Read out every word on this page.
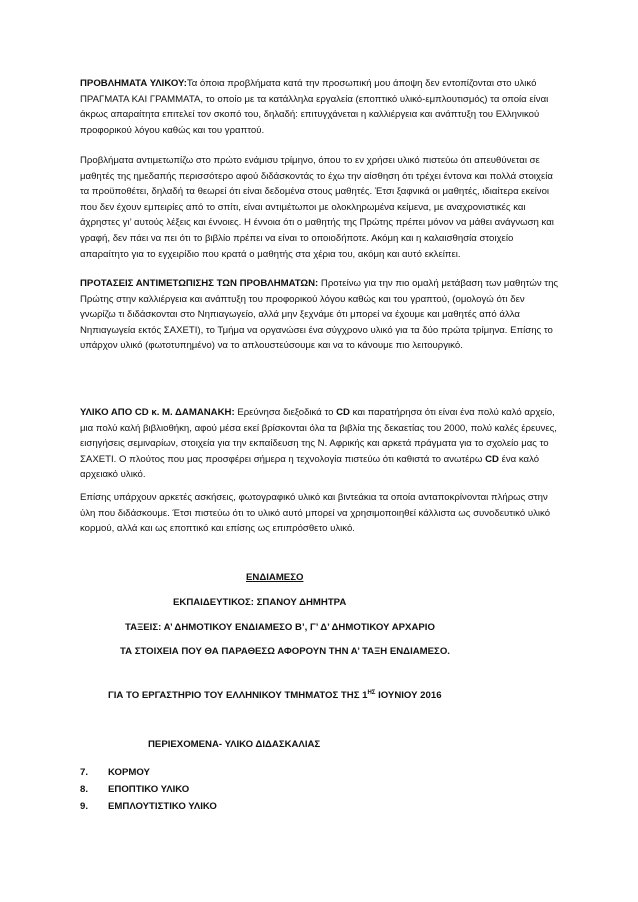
ΠΡΟΒΛΗΜΑΤΑ ΥΛΙΚΟΥ:Τα όποια προβλήματα κατά την προσωπική μου άποψη δεν εντοπίζονται στο υλικό ΠΡΑΓΜΑΤΑ ΚΑΙ ΓΡΑΜΜΑΤΑ, το οποίο με τα κατάλληλα εργαλεία (εποπτικό υλικό-εμπλουτισμός) τα οποία είναι άκρως απαραίτητα επιτελεί τον σκοπό του, δηλαδή: επιτυγχάνεται η καλλιέργεια και ανάπτυξη του Ελληνικού προφορικού λόγου καθώς και του γραπτού.
Προβλήματα αντιμετωπίζω στο πρώτο ενάμισυ τρίμηνο, όπου το εν χρήσει υλικό πιστεύω ότι απευθύνεται σε μαθητές της ημεδαπής περισσότερο αφού διδάσκοντάς το έχω την αίσθηση ότι τρέχει έντονα και πολλά στοιχεία τα προϋποθέτει, δηλαδή τα θεωρεί ότι είναι δεδομένα στους μαθητές. Έτσι ξαφνικά οι μαθητές, ιδιαίτερα εκείνοι που δεν έχουν εμπειρίες από το σπίτι, είναι αντιμέτωποι με ολοκληρωμένα κείμενα, με αναχρονιστικές και άχρηστες γι’ αυτούς λέξεις και έννοιες. Η έννοια ότι ο μαθητής της Πρώτης πρέπει μόνον να μάθει ανάγνωση και γραφή, δεν πάει να πει ότι το βιβλίο πρέπει να είναι το οποιοδήποτε. Ακόμη και η καλαισθησία στοιχείο απαραίτητο για το εγχειρίδιο που κρατά ο μαθητής στα χέρια του, ακόμη και αυτό εκλείπει.
ΠΡΟΤΑΣΕΙΣ ΑΝΤΙΜΕΤΩΠΙΣΗΣ ΤΩΝ ΠΡΟΒΛΗΜΑΤΩΝ: Προτείνω για την πιο ομαλή μετάβαση των μαθητών της Πρώτης στην καλλιέργεια και ανάπτυξη του προφορικού λόγου καθώς και του γραπτού, (ομολογώ ότι δεν γνωρίζω τι διδάσκονται στο Νηπιαγωγείο, αλλά μην ξεχνάμε ότι μπορεί να έχουμε και μαθητές από άλλα Νηπιαγωγεία εκτός ΣΑΧΕΤΙ), το Τμήμα να οργανώσει ένα σύγχρονο υλικό για τα δύο πρώτα τρίμηνα. Επίσης το υπάρχον υλικό (φωτοτυπημένο) να το απλουστεύσουμε και να το κάνουμε πιο λειτουργικό.
ΥΛΙΚΟ ΑΠΟ CD κ. Μ. ΔΑΜΑΝΑΚΗ: Ερεύνησα διεξοδικά το CD και παρατήρησα ότι είναι ένα πολύ καλό αρχείο, μια πολύ καλή βιβλιοθήκη, αφού μέσα εκεί βρίσκονται όλα τα βιβλία της δεκαετίας του 2000, πολύ καλές έρευνες, εισηγήσεις σεμιναρίων, στοιχεία για την εκπαίδευση της Ν. Αφρικής και αρκετά πράγματα για το σχολείο μας το ΣΑΧΕΤΙ. Ο πλούτος που μας προσφέρει σήμερα η τεχνολογία πιστεύω ότι καθιστά το ανωτέρω CD ένα καλό αρχειακό υλικό.
Επίσης υπάρχουν αρκετές ασκήσεις, φωτογραφικό υλικό και βιντεάκια τα οποία ανταποκρίνονται πλήρως στην ύλη που διδάσκουμε. Έτσι πιστεύω ότι το υλικό αυτό μπορεί να χρησιμοποιηθεί κάλλιστα ως συνοδευτικό υλικό κορμού, αλλά και ως εποπτικό και επίσης ως επιπρόσθετο υλικό.
ΕΝΔΙΑΜΕΣΟ
ΕΚΠΑΙΔΕΥΤΙΚΟΣ: ΣΠΑΝΟΥ ΔΗΜΗΤΡΑ
ΤΑΞΕΙΣ: Α’ ΔΗΜΟΤΙΚΟΥ ΕΝΔΙΑΜΕΣΟ Β’, Γ’ Δ’ ΔΗΜΟΤΙΚΟΥ ΑΡΧΑΡΙΟ
ΤΑ ΣΤΟΙΧΕΙΑ ΠΟΥ ΘΑ ΠΑΡΑΘΕΣΩ ΑΦΟΡΟΥΝ ΤΗΝ Α’ ΤΑΞΗ ΕΝΔΙΑΜΕΣΟ.
ΓΙΑ ΤΟ ΕΡΓΑΣΤΗΡΙΟ ΤΟΥ ΕΛΛΗΝΙΚΟΥ ΤΜΗΜΑΤΟΣ ΤΗΣ $1^{H\Sigma}$ ΙΟΥΝΙΟΥ 2016
ΠΕΡΙΕΧΟΜΕΝΑ- ΥΛΙΚΟ ΔΙΔΑΣΚΑΛΙΑΣ
7. ΚΟΡΜΟΥ
8. ΕΠΟΠΤΙΚΟ ΥΛΙΚΟ
9. ΕΜΠΛΟΥΤΙΣΤΙΚΟ ΥΛΙΚΟ
